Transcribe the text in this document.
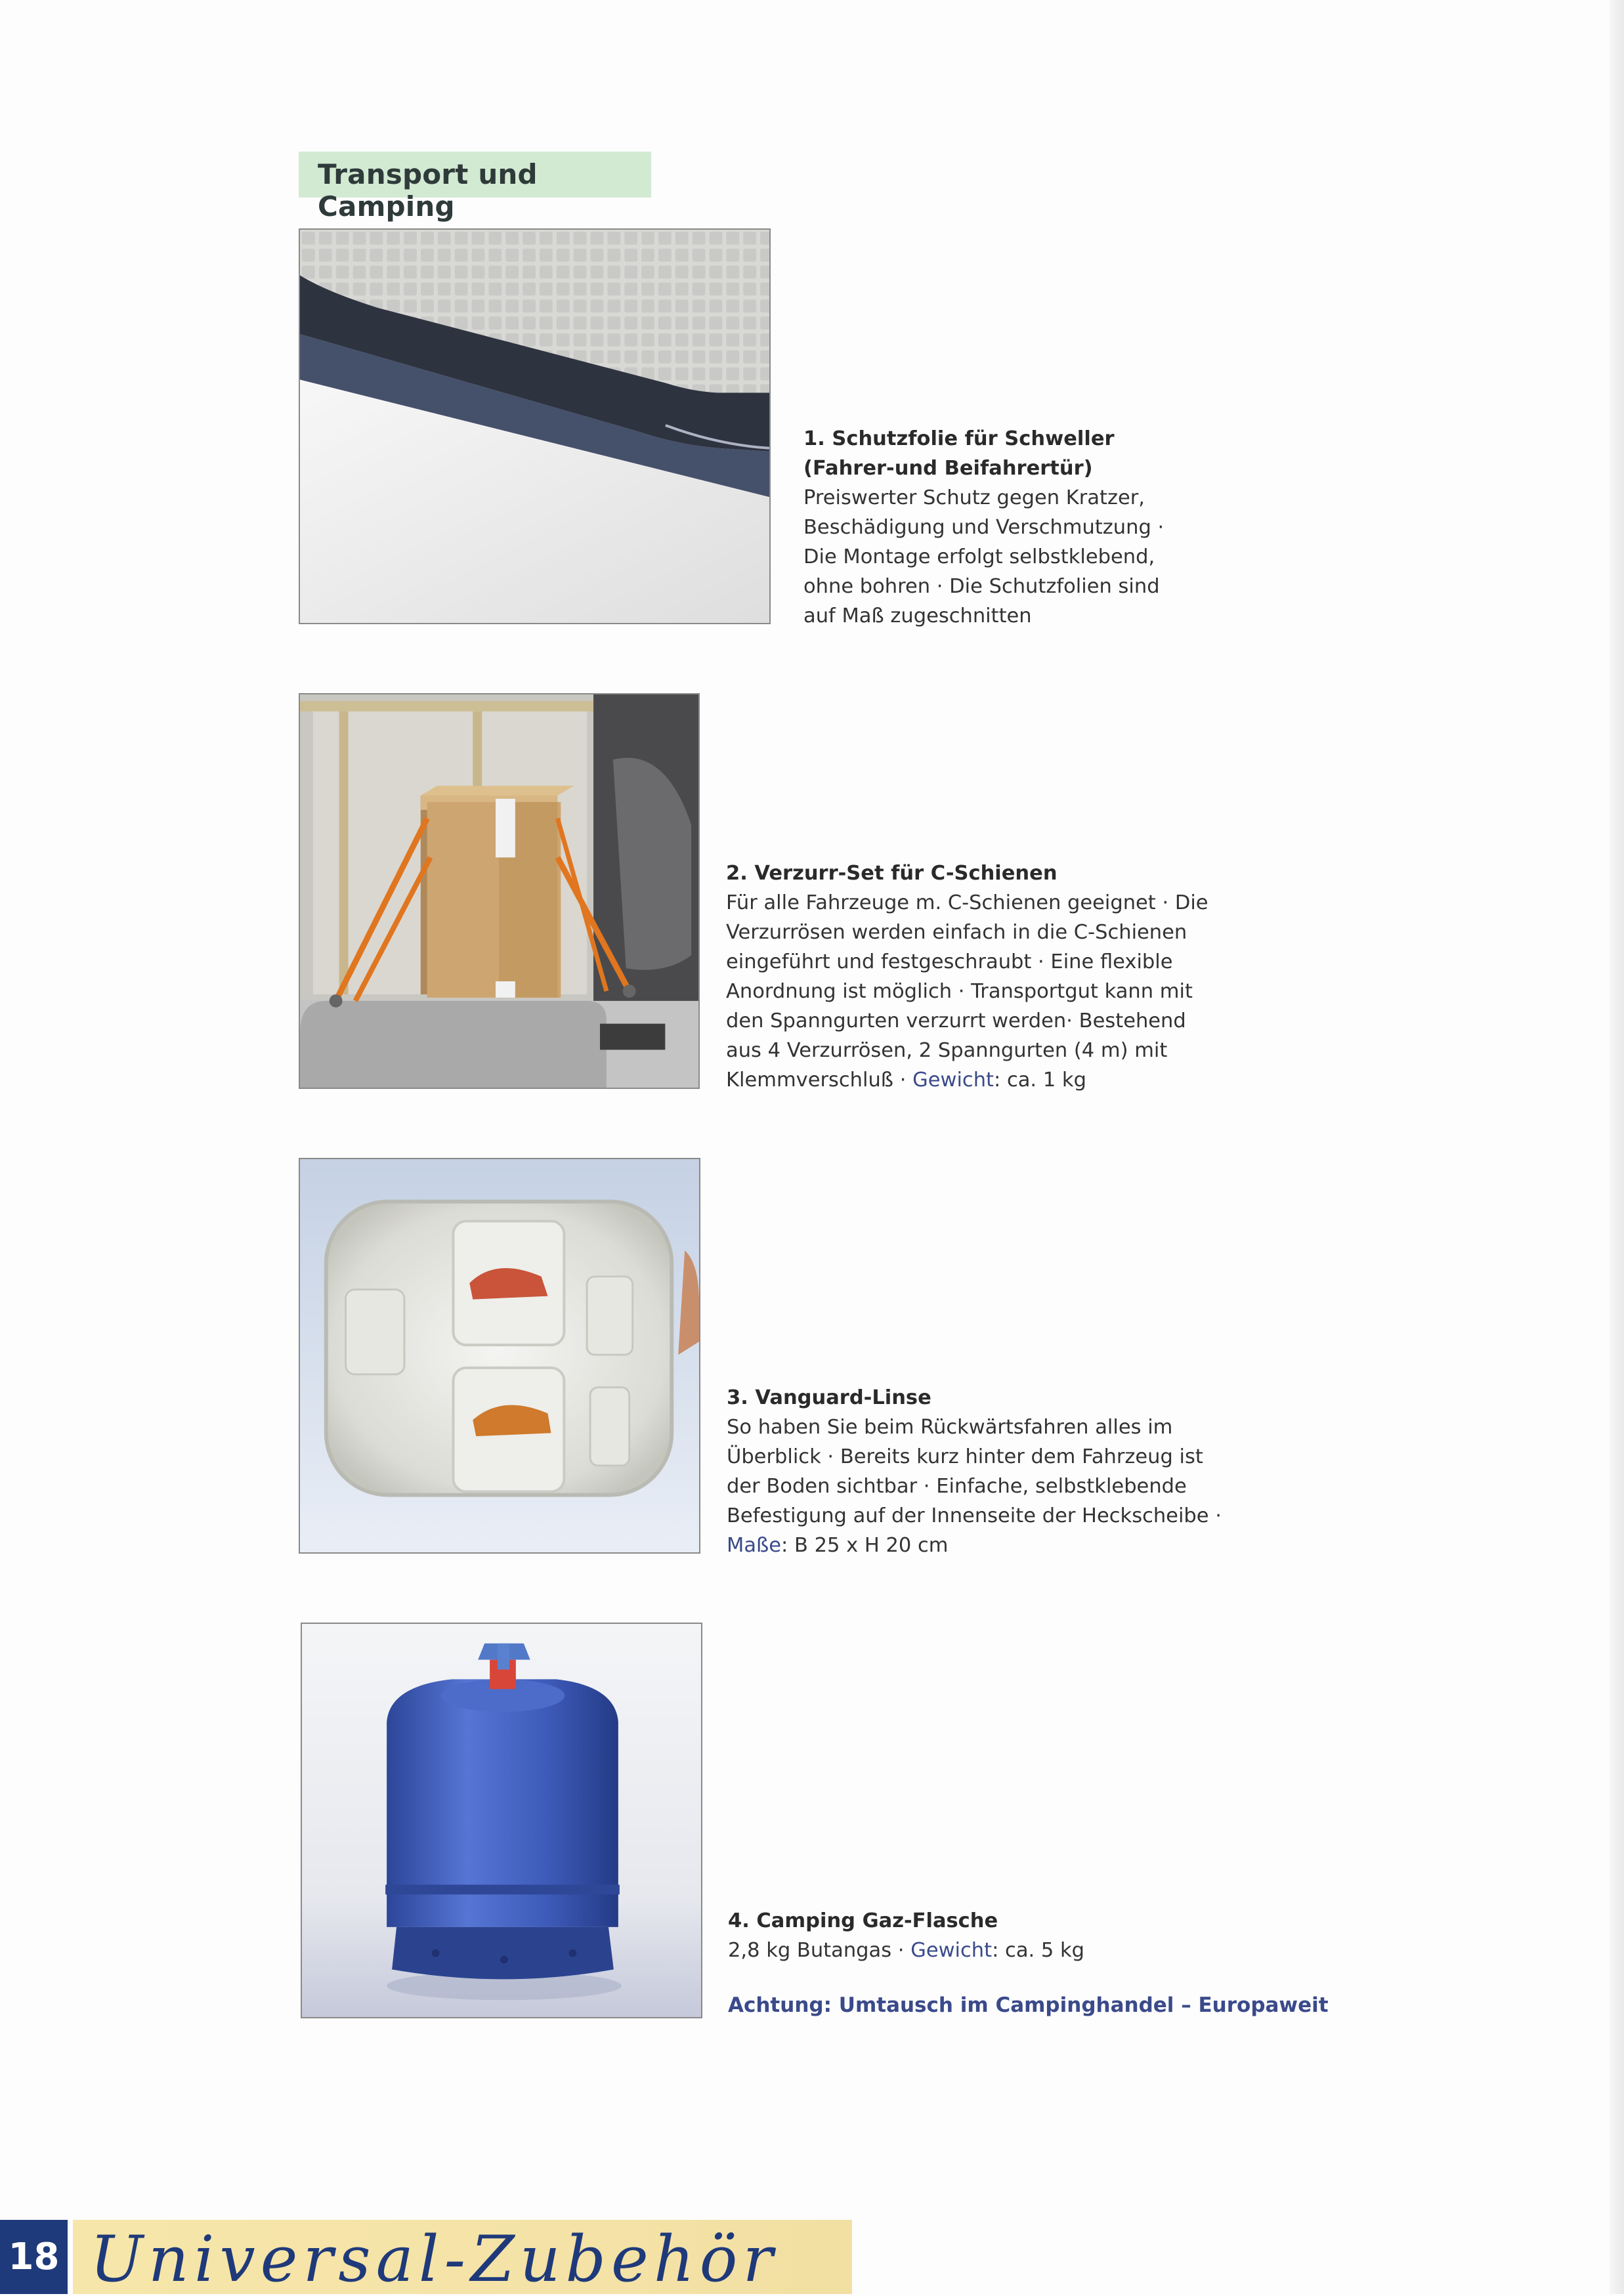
Transport und Camping
1. Schutzfolie für Schweller
(Fahrer-und Beifahrertür)
Preiswerter Schutz gegen Kratzer,
Beschädigung und Verschmutzung ·
Die Montage erfolgt selbstklebend,
ohne bohren · Die Schutzfolien sind
auf Maß zugeschnitten
2. Verzurr-Set für C-Schienen
Für alle Fahrzeuge m. C-Schienen geeignet · Die
Verzurrösen werden einfach in die C-Schienen
eingeführt und festgeschraubt · Eine flexible
Anordnung ist möglich · Transportgut kann mit
den Spanngurten verzurrt werden· Bestehend
aus 4 Verzurrösen, 2 Spanngurten (4 m) mit
Klemmverschluß · Gewicht: ca. 1 kg
3. Vanguard-Linse
So haben Sie beim Rückwärtsfahren alles im
Überblick · Bereits kurz hinter dem Fahrzeug ist
der Boden sichtbar · Einfache, selbstklebende
Befestigung auf der Innenseite der Heckscheibe ·
Maße: B 25 x H 20 cm
4. Camping Gaz-Flasche
2,8 kg Butangas · Gewicht: ca. 5 kg
Achtung: Umtausch im Campinghandel – Europaweit
18 Universal-Zubehör
